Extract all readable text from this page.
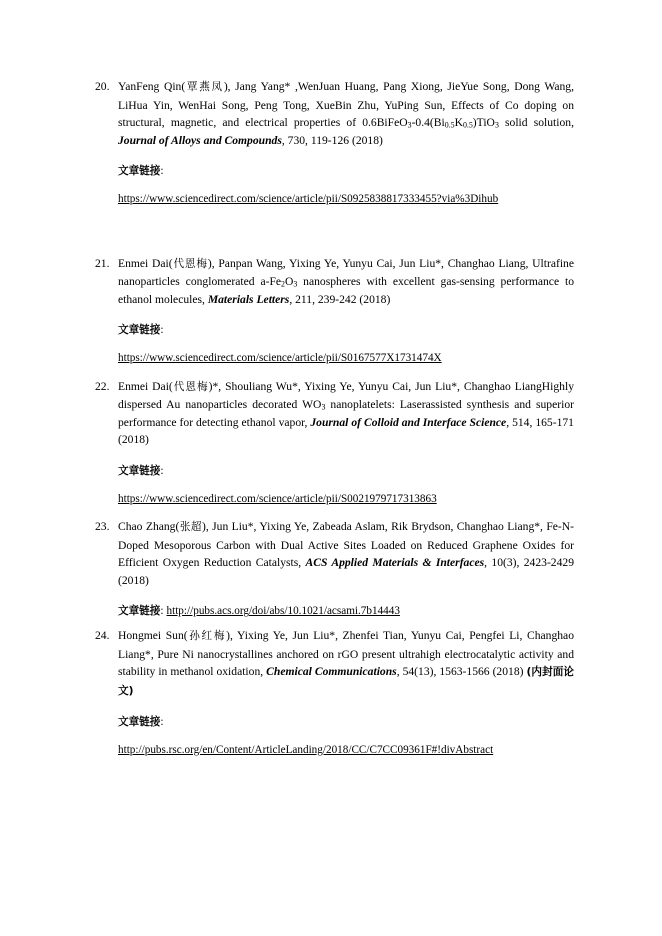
20. YanFeng Qin(覃燕凤), Jang Yang* ,WenJuan Huang, Pang Xiong, JieYue Song, Dong Wang, LiHua Yin, WenHai Song, Peng Tong, XueBin Zhu, YuPing Sun, Effects of Co doping on structural, magnetic, and electrical properties of $0.6BiFeO_3-0.4(Bi_{0.5}K_{0.5})TiO_3$ solid solution, Journal of Alloys and Compounds, 730, 119-126 (2018)
文章链接:
https://www.sciencedirect.com/science/article/pii/S0925838817333455?via%3Dihub
21. Enmei Dai(代恩梅), Panpan Wang, Yixing Ye, Yunyu Cai, Jun Liu*, Changhao Liang, Ultrafine nanoparticles conglomerated $a-Fe_2O_3$ nanospheres with excellent gas-sensing performance to ethanol molecules, Materials Letters, 211, 239-242 (2018)
文章链接:
https://www.sciencedirect.com/science/article/pii/S0167577X1731474X
22. Enmei Dai(代恩梅)*, Shouliang Wu*, Yixing Ye, Yunyu Cai, Jun Liu*, Changhao LiangHighly dispersed Au nanoparticles decorated $WO_3$ nanoplatelets: Laserassisted synthesis and superior performance for detecting ethanol vapor, Journal of Colloid and Interface Science, 514, 165-171 (2018)
文章链接:
https://www.sciencedirect.com/science/article/pii/S0021979717313863
23. Chao Zhang(张超), Jun Liu*, Yixing Ye, Zabeada Aslam, Rik Brydson, Changhao Liang*, Fe-N-Doped Mesoporous Carbon with Dual Active Sites Loaded on Reduced Graphene Oxides for Efficient Oxygen Reduction Catalysts, ACS Applied Materials & Interfaces, 10(3), 2423-2429 (2018)
文章链接: http://pubs.acs.org/doi/abs/10.1021/acsami.7b14443
24. Hongmei Sun(孙红梅), Yixing Ye, Jun Liu*, Zhenfei Tian, Yunyu Cai, Pengfei Li, Changhao Liang*, Pure Ni nanocrystallines anchored on rGO present ultrahigh electrocatalytic activity and stability in methanol oxidation, Chemical Communications, 54(13), 1563-1566 (2018) (内封面论文)
文章链接:
http://pubs.rsc.org/en/Content/ArticleLanding/2018/CC/C7CC09361F#!divAbstract
